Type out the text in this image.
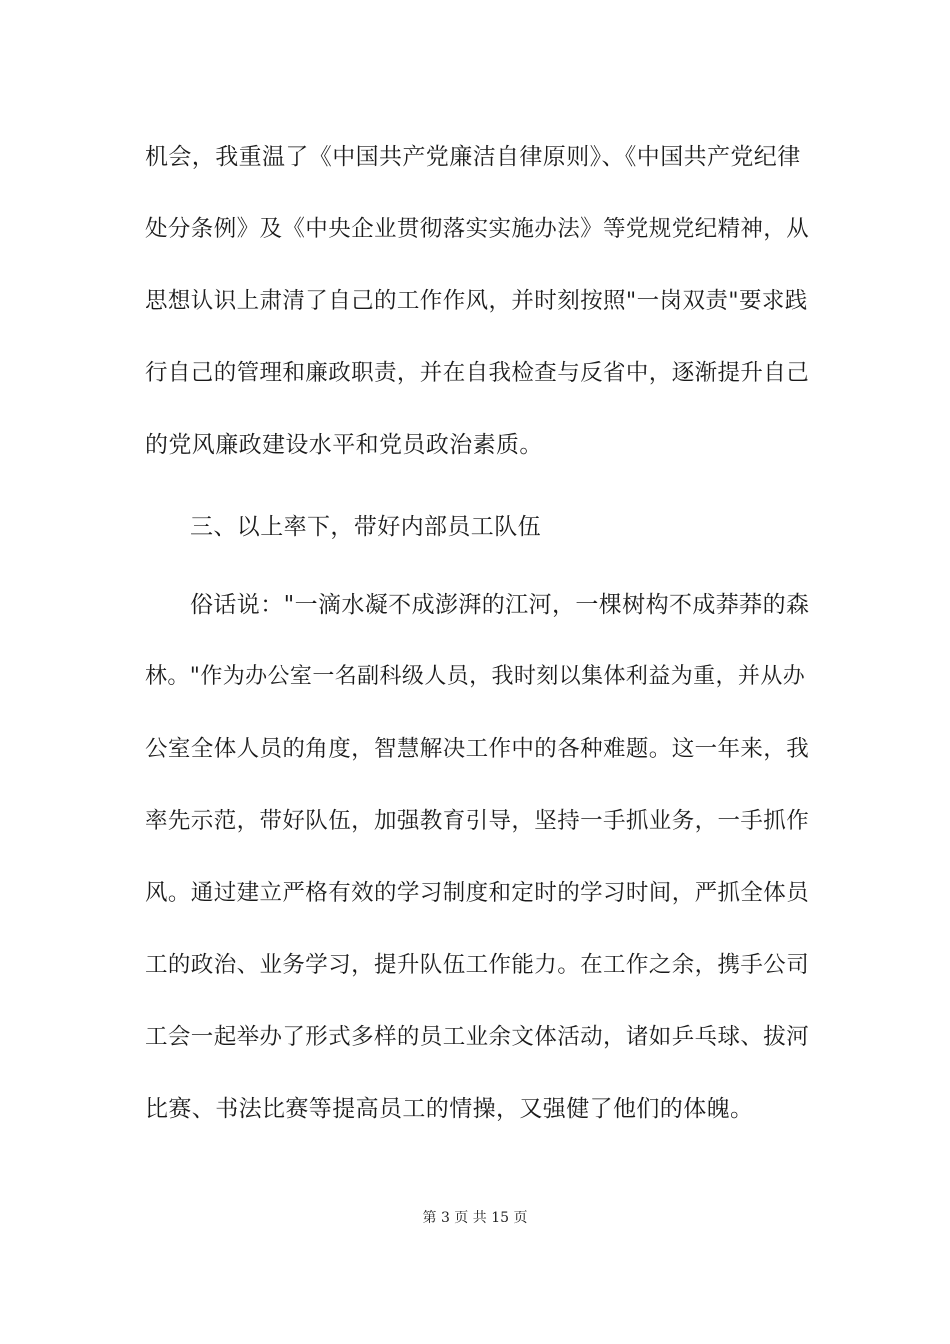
机会，我重温了《中国共产党廉洁自律原则》、《中国共产党纪律
处分条例》及《中央企业贯彻落实实施办法》等党规党纪精神，从
思想认识上肃清了自己的工作作风，并时刻按照"一岗双责"要求践
行自己的管理和廉政职责，并在自我检查与反省中，逐渐提升自己
的党风廉政建设水平和党员政治素质。
三、以上率下，带好内部员工队伍
俗话说："一滴水凝不成澎湃的江河，一棵树构不成莽莽的森
林。"作为办公室一名副科级人员，我时刻以集体利益为重，并从办
公室全体人员的角度，智慧解决工作中的各种难题。这一年来，我
率先示范，带好队伍，加强教育引导，坚持一手抓业务，一手抓作
风。通过建立严格有效的学习制度和定时的学习时间，严抓全体员
工的政治、业务学习，提升队伍工作能力。在工作之余，携手公司
工会一起举办了形式多样的员工业余文体活动，诸如乒乓球、拔河
比赛、书法比赛等提高员工的情操，又强健了他们的体魄。
第 3 页 共 15 页
